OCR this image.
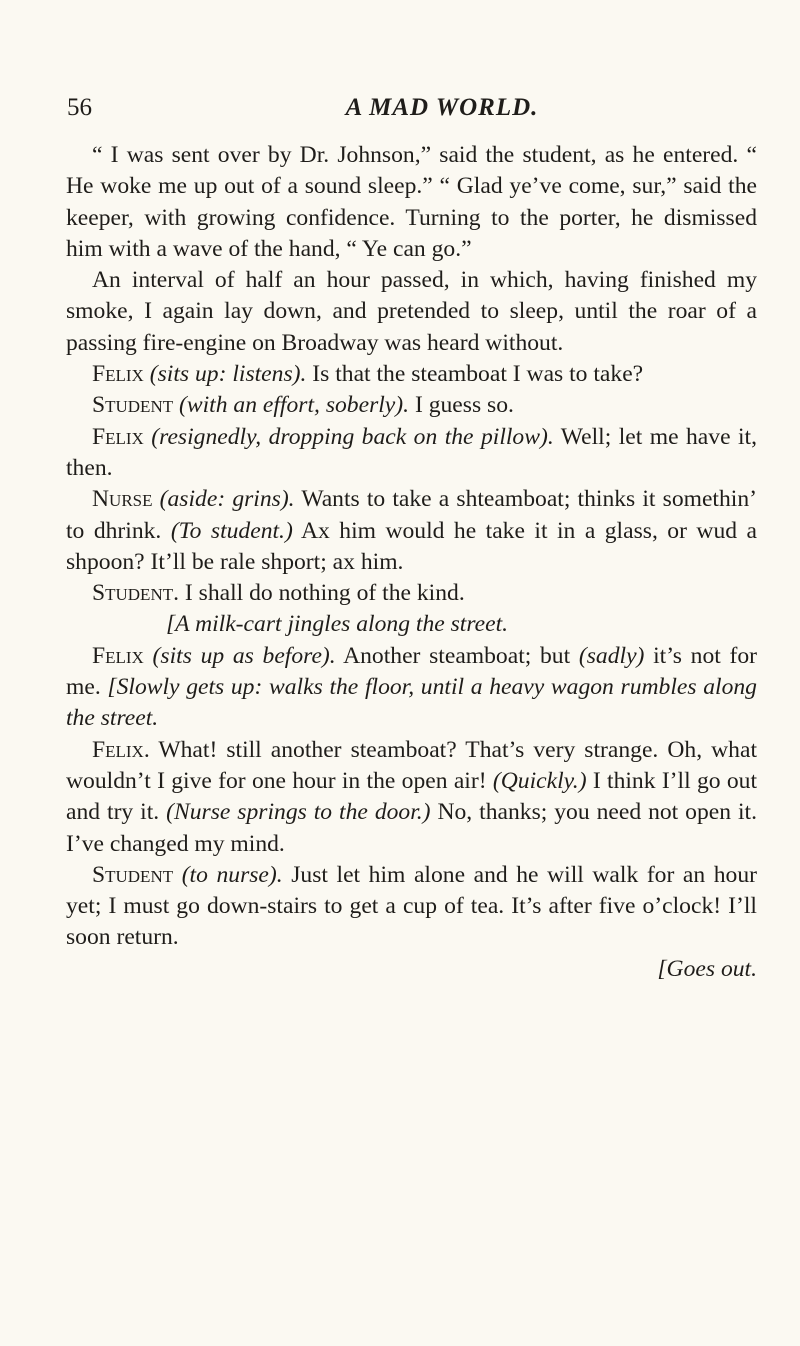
56	A MAD WORLD.

“ I was sent over by Dr. Johnson,” said the student, as he entered. “ He woke me up out of a sound sleep.” “ Glad ye’ve come, sur,” said the keeper, with growing confidence. Turning to the porter, he dismissed him with a wave of the hand, “ Ye can go.”

An interval of half an hour passed, in which, having finished my smoke, I again lay down, and pretended to sleep, until the roar of a passing fire-engine on Broadway was heard without.

Felix (sits up: listens). Is that the steamboat I was to take?

Student (with an effort, soberly). I guess so.

Felix (resignedly, dropping back on the pillow). Well; let me have it, then.

Nurse (aside: grins). Wants to take a shteamboat; thinks it somethin’ to dhrink. (To student.) Ax him would he take it in a glass, or wud a shpoon? It’ll be rale shport; ax him.

Student. I shall do nothing of the kind.

[A milk-cart jingles along the street.

Felix (sits up as before). Another steamboat; but (sadly) it’s not for me. [Slowly gets up: walks the floor, until a heavy wagon rumbles along the street.

Felix. What! still another steamboat? That’s very strange. Oh, what wouldn’t I give for one hour in the open air! (Quickly.) I think I’ll go out and try it. (Nurse springs to the door.) No, thanks; you need not open it. I’ve changed my mind.

Student (to nurse). Just let him alone and he will walk for an hour yet; I must go down-stairs to get a cup of tea. It’s after five o’clock! I’ll soon return.

[Goes out.
